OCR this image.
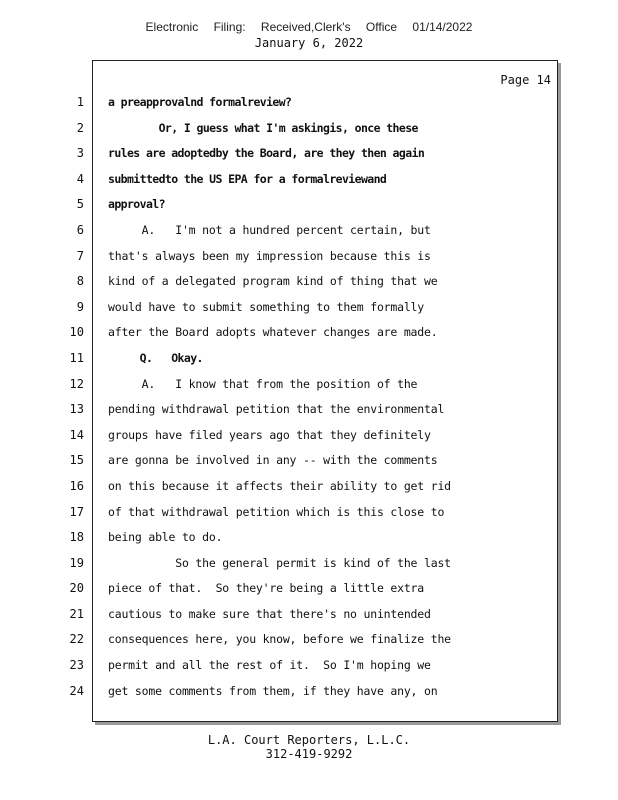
Electronic Filing: Received,Clerk's Office 01/14/2022
January 6, 2022
Page 14
1
2
3
4
5
6
7
8
9
10
11
12
13
14
15
16
17
18
19
20
21
22
23
24
a preapprovalnd formalreview?
Or, I guess what I'm askingis, once these
rules are adoptedby the Board, are they then again
submittedto the US EPA for a formalreviewand
approval?
A.   I'm not a hundred percent certain, but
that's always been my impression because this is
kind of a delegated program kind of thing that we
would have to submit something to them formally
after the Board adopts whatever changes are made.
Q.   Okay.
A.   I know that from the position of the
pending withdrawal petition that the environmental
groups have filed years ago that they definitely
are gonna be involved in any -- with the comments
on this because it affects their ability to get rid
of that withdrawal petition which is this close to
being able to do.
So the general permit is kind of the last
piece of that.  So they're being a little extra
cautious to make sure that there's no unintended
consequences here, you know, before we finalize the
permit and all the rest of it.  So I'm hoping we
get some comments from them, if they have any, on
L.A. Court Reporters, L.L.C.
312-419-9292
